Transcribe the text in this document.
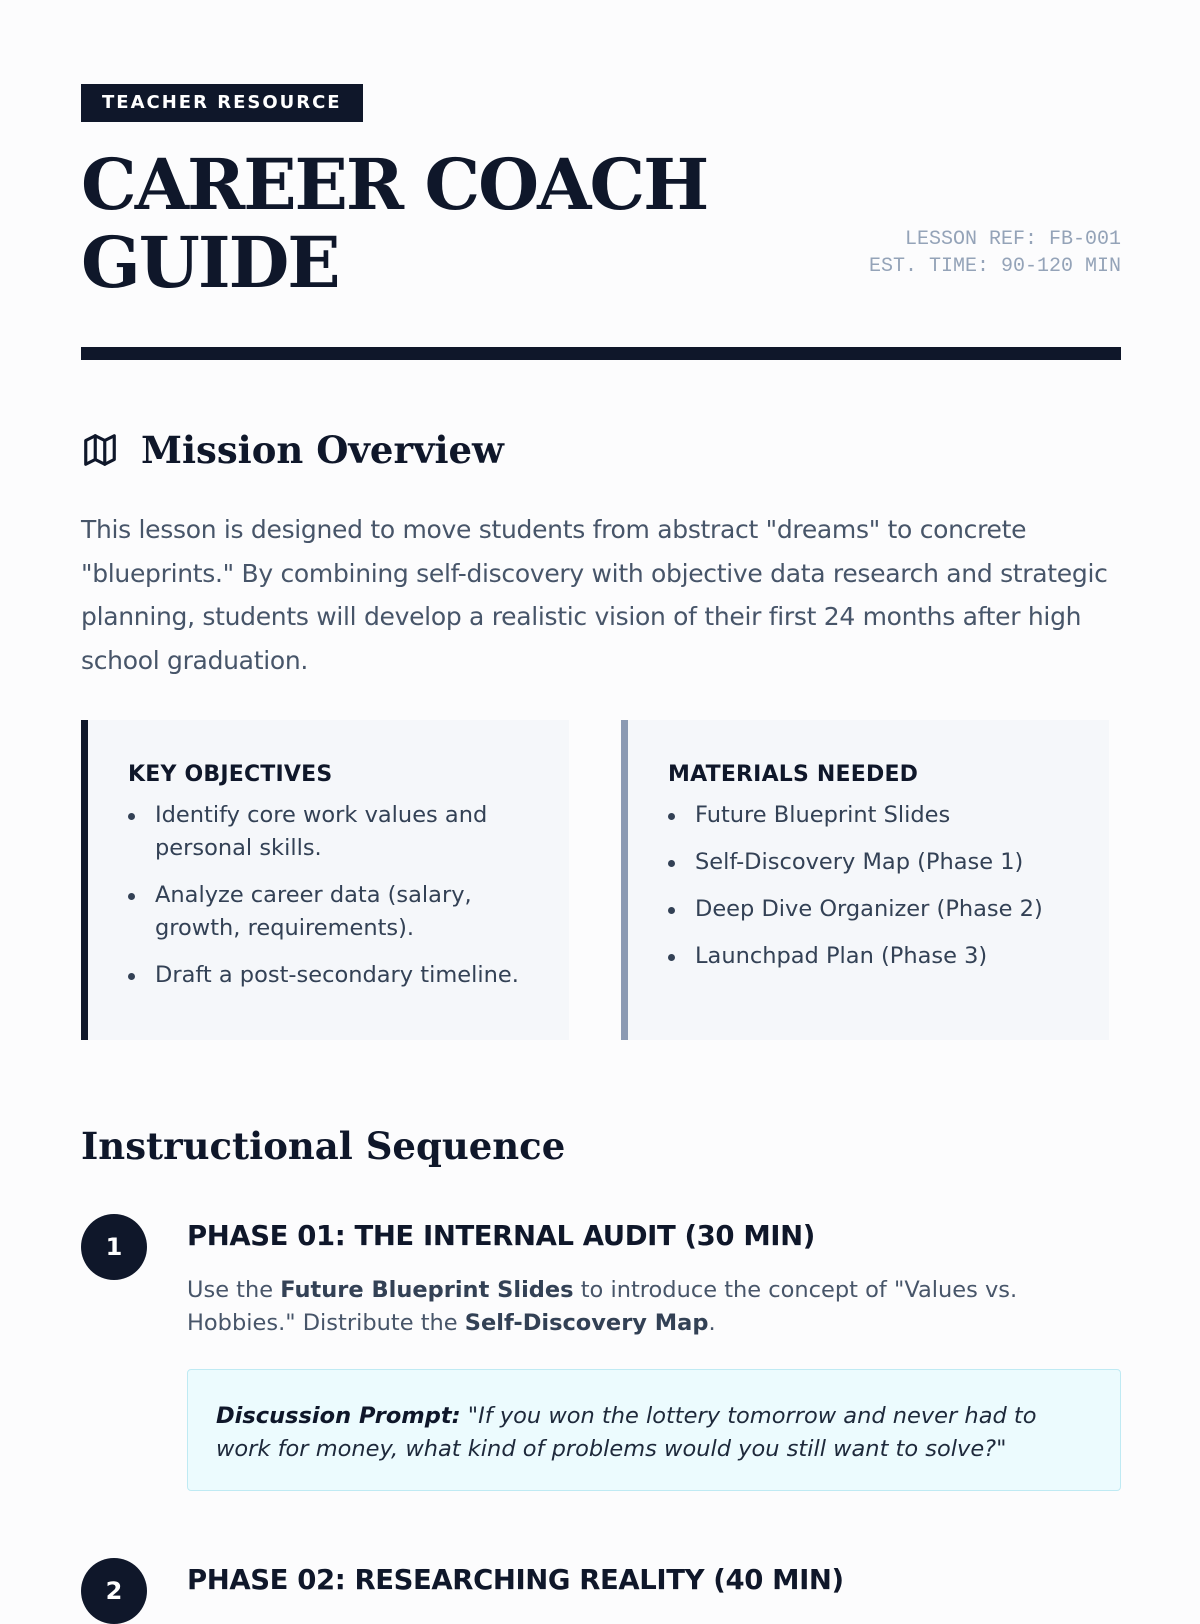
TEACHER RESOURCE
CAREER COACH
GUIDE	LESSON REF: FB-001
EST. TIME: 90-120 MIN
Mission Overview

This lesson is designed to move students from abstract "dreams" to concrete "blueprints." By combining self-discovery with objective data research and strategic planning, students will develop a realistic vision of their first 24 months after high school graduation.

KEY OBJECTIVES
Identify core work values and personal skills.
Analyze career data (salary, growth, requirements).
Draft a post-secondary timeline.
MATERIALS NEEDED
Future Blueprint Slides
Self-Discovery Map (Phase 1)
Deep Dive Organizer (Phase 2)
Launchpad Plan (Phase 3)
Instructional Sequence
1	PHASE 01: THE INTERNAL AUDIT (30 MIN)

Use the Future Blueprint Slides to introduce the concept of "Values vs. Hobbies." Distribute the Self-Discovery Map.

Discussion Prompt: "If you won the lottery tomorrow and never had to work for money, what kind of problems would you still want to solve?"
2	PHASE 02: RESEARCHING REALITY (40 MIN)
